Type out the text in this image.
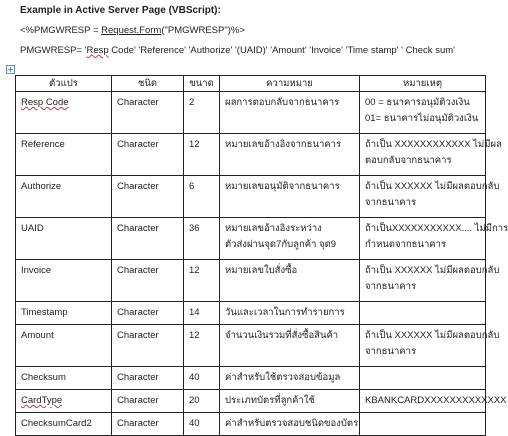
Example in Active Server Page (VBScript):
<%PMGWRESP = Request.Form("PMGWRESP")%>
PMGWRESP= 'Resp Code' 'Reference' 'Authorize' '(UAID)' 'Amount' 'Invoice' 'Time stamp' ' Check sum'
+
ตัวแปร	ชนิด	ขนาด	ความหมาย	หมายเหตุ
Resp Code	Character	2	ผลการตอบกลับจากธนาคาร	00 = ธนาคารอนุมัติวงเงิน
01= ธนาคารไม่อนุมัติวงเงิน

Reference	Character	12	หมายเลขอ้างอิงจากธนาคาร	ถ้าเป็น XXXXXXXXXXXX ไม่มีผล
ตอบกลับจากธนาคาร

Authorize	Character	6	หมายเลขอนุมัติจากธนาคาร	ถ้าเป็น XXXXXX ไม่มีผลตอบกลับ
จากธนาคาร

UAID	Character	36	หมายเลขอ้างอิงระหว่าง
ตัวส่งผ่านจุด7กับลูกค้า จุด9	ถ้าเป็นXXXXXXXXXXX.... ไม่มีการ
กำหนดจากธนาคาร

Invoice	Character	12	หมายเลขใบสั่งซื้อ	ถ้าเป็น XXXXXX ไม่มีผลตอบกลับ
จากธนาคาร

Timestamp	Character	14	วันและเวลาในการทำรายการ	

Amount	Character	12	จำนวนเงินรวมที่สั่งซื้อสินค้า	ถ้าเป็น XXXXXX ไม่มีผลตอบกลับ
จากธนาคาร

Checksum	Character	40	ค่าสำหรับใช้ตรวจสอบข้อมูล	

CardType	Character	20	ประเภทบัตรที่ลูกค้าใช้	KBANKCARDXXXXXXXXXXXXX

ChecksumCard2	Character	40	ค่าสำหรับตรวจสอบชนิดของบัตร	
